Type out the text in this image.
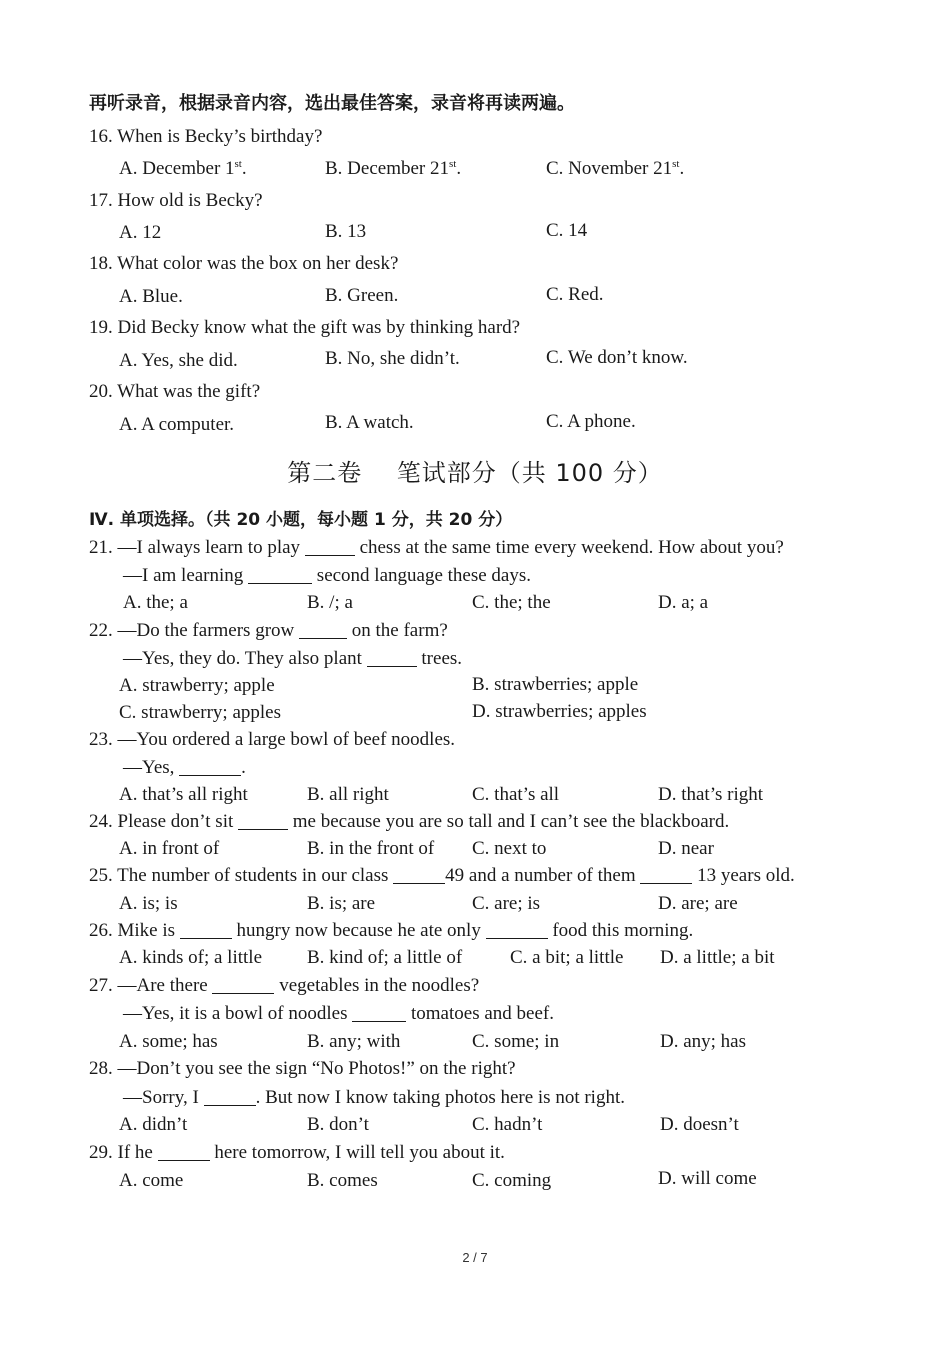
再听录音，根据录音内容，选出最佳答案，录音将再读两遍。
16. When is Becky’s birthday?
A. December 1st.	B. December 21st.	C. November 21st.
17. How old is Becky?
A. 12	B. 13	C. 14
18. What color was the box on her desk?
A. Blue.	B. Green.	C. Red.
19. Did Becky know what the gift was by thinking hard?
A. Yes, she did.	B. No, she didn’t.	C. We don’t know.
20. What was the gift?
A. A computer.	B. A watch.	C. A phone.
第二卷    笔试部分（共 100 分）
Ⅳ. 单项选择。（共 20 小题，每小题 1 分，共 20 分）
21. —I always learn to play	chess at the same time every weekend. How about you?
—I am learning	second language these days.
A. the; a	B. /; a	C. the; the	D. a; a
22. —Do the farmers grow	on the farm?
—Yes, they do. They also plant	trees.
A. strawberry; apple	B. strawberries; apple
C. strawberry; apples	D. strawberries; apples
23. —You ordered a large bowl of beef noodles.
—Yes,	.
A. that’s all right	B. all right	C. that’s all	D. that’s right
24. Please don’t sit	me because you are so tall and I can’t see the blackboard.
A. in front of	B. in the front of C. next to	D. near
25. The number of students in our class	49 and a number of them	13 years old.
A. is; is	B. is; are	C. are; is	D. are; are
26. Mike is	hungry now because he ate only	food this morning.
A. kinds of; a little B. kind of; a little of	C. a bit; a little D. a little; a bit
27. —Are there	vegetables in the noodles?
—Yes, it is a bowl of noodles	tomatoes and beef.
A. some; has	B. any; with	C. some; in	D. any; has
28. —Don’t you see the sign “No Photos!” on the right?
—Sorry, I	. But now I know taking photos here is not right.
A. didn’t	B. don’t	C. hadn’t	D. doesn’t
29. If he	here tomorrow, I will tell you about it.
A. come	B. comes	C. coming	D. will come
2 / 7
